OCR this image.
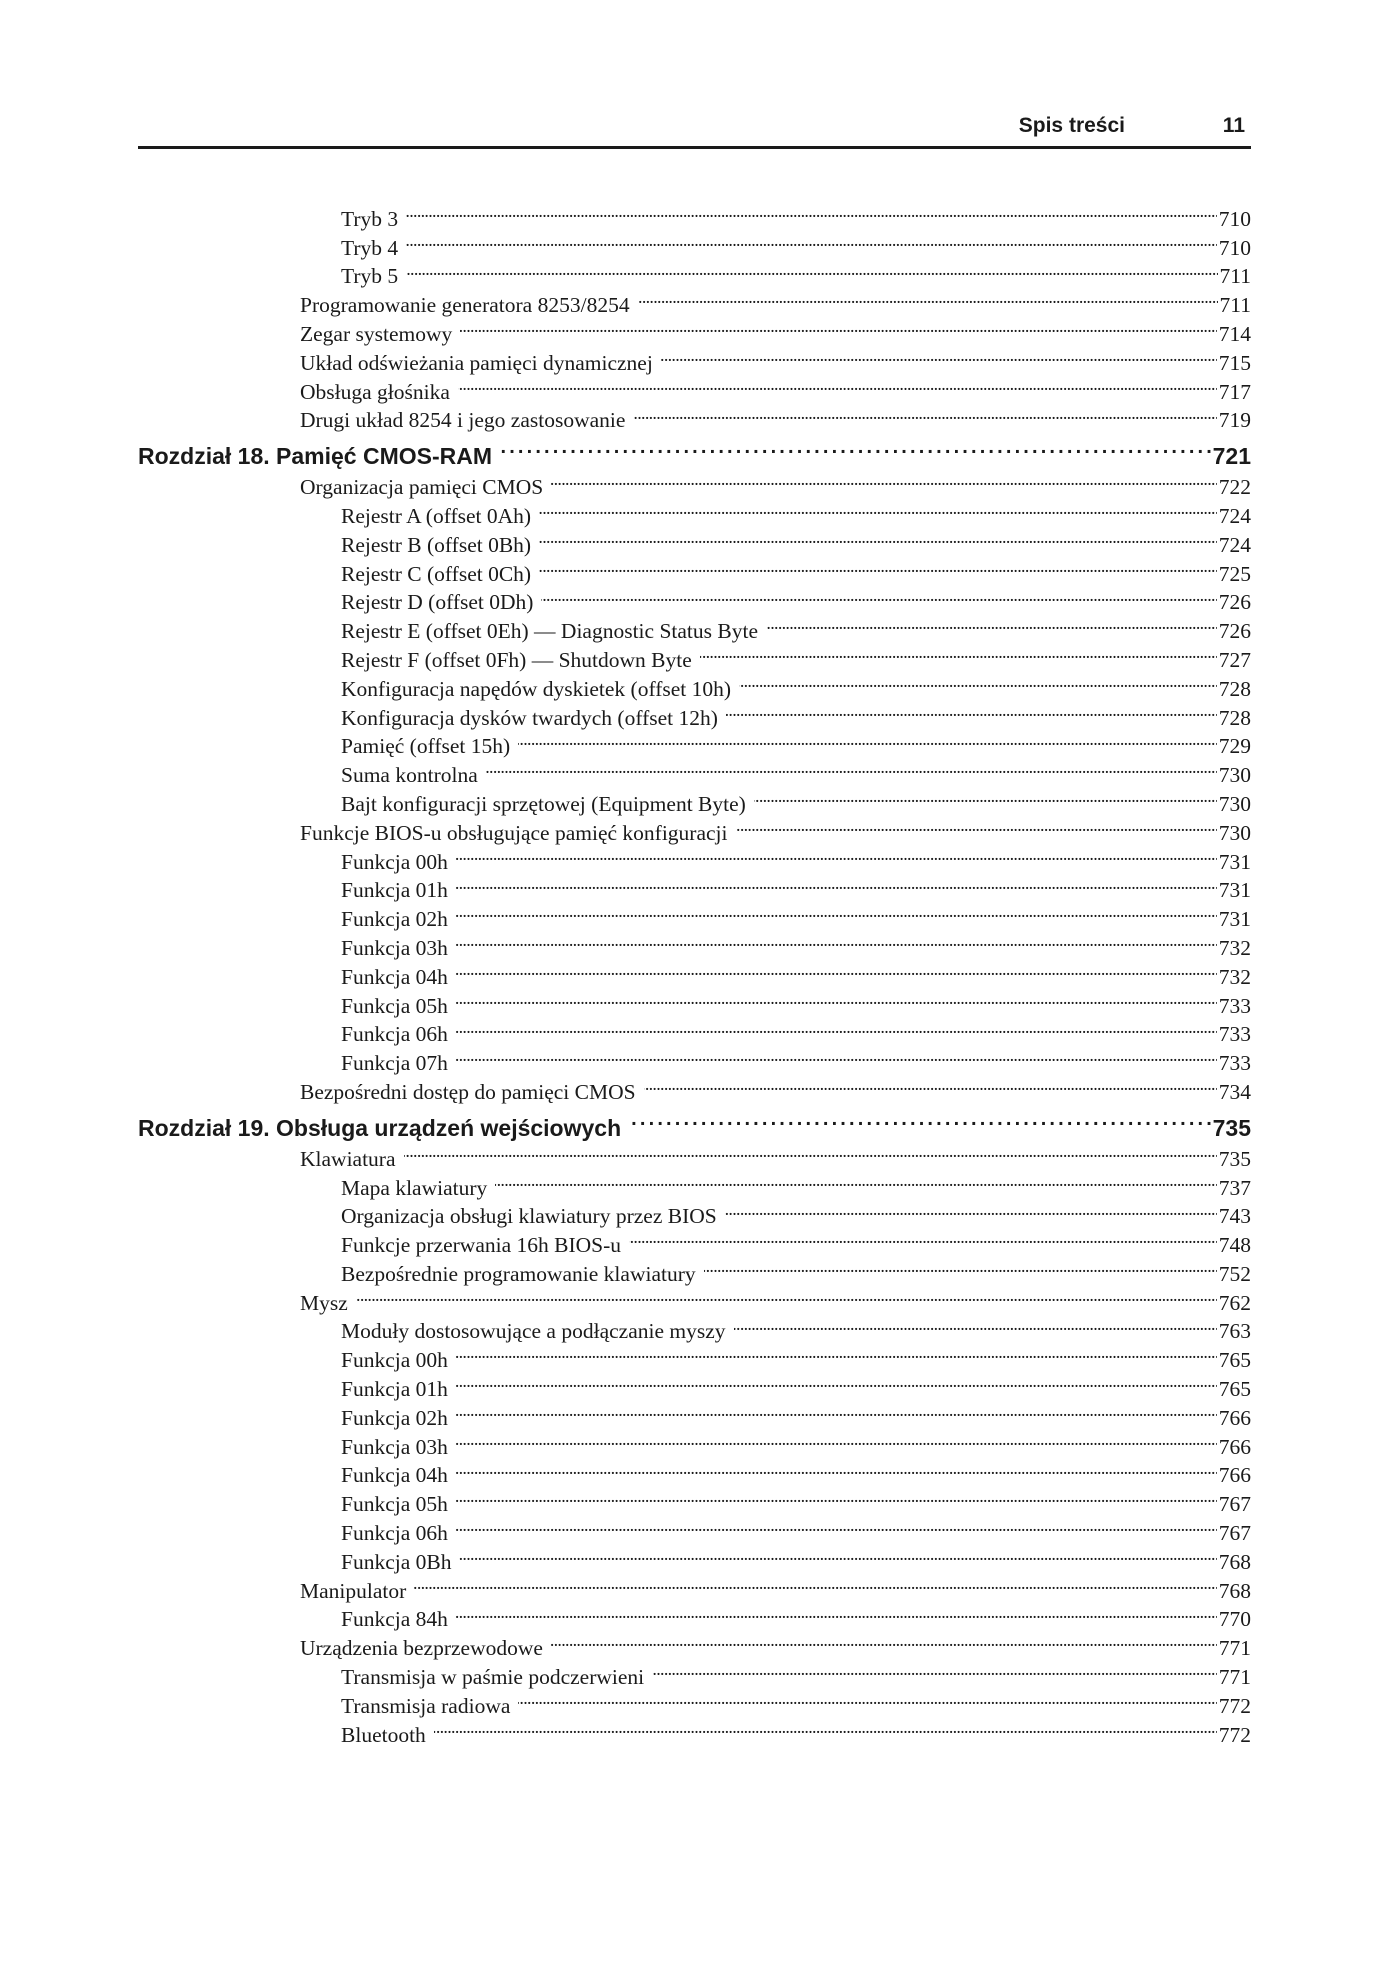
Spis treści	11
Tryb 3 . . .	710
Tryb 4 . . .	710
Tryb 5 . . .	711
Programowanie generatora 8253/8254 . . .	711
Zegar systemowy . . .	714
Układ odświeżania pamięci dynamicznej . . .	715
Obsługa głośnika . . .	717
Drugi układ 8254 i jego zastosowanie . . .	719
Rozdział 18. Pamięć CMOS-RAM . . .	721
Organizacja pamięci CMOS . . .	722
Rejestr A (offset 0Ah) . . .	724
Rejestr B (offset 0Bh) . . .	724
Rejestr C (offset 0Ch) . . .	725
Rejestr D (offset 0Dh) . . .	726
Rejestr E (offset 0Eh) — Diagnostic Status Byte . . .	726
Rejestr F (offset 0Fh) — Shutdown Byte . . .	727
Konfiguracja napędów dyskietek (offset 10h) . . .	728
Konfiguracja dysków twardych (offset 12h) . . .	728
Pamięć (offset 15h) . . .	729
Suma kontrolna . . .	730
Bajt konfiguracji sprzętowej (Equipment Byte) . . .	730
Funkcje BIOS-u obsługujące pamięć konfiguracji . . .	730
Funkcja 00h . . .	731
Funkcja 01h . . .	731
Funkcja 02h . . .	731
Funkcja 03h . . .	732
Funkcja 04h . . .	732
Funkcja 05h . . .	733
Funkcja 06h . . .	733
Funkcja 07h . . .	733
Bezpośredni dostęp do pamięci CMOS . . .	734
Rozdział 19. Obsługa urządzeń wejściowych . . .	735
Klawiatura . . .	735
Mapa klawiatury . . .	737
Organizacja obsługi klawiatury przez BIOS . . .	743
Funkcje przerwania 16h BIOS-u . . .	748
Bezpośrednie programowanie klawiatury . . .	752
Mysz . . .	762
Moduły dostosowujące a podłączanie myszy . . .	763
Funkcja 00h . . .	765
Funkcja 01h . . .	765
Funkcja 02h . . .	766
Funkcja 03h . . .	766
Funkcja 04h . . .	766
Funkcja 05h . . .	767
Funkcja 06h . . .	767
Funkcja 0Bh . . .	768
Manipulator . . .	768
Funkcja 84h . . .	770
Urządzenia bezprzewodowe . . .	771
Transmisja w paśmie podczerwieni . . .	771
Transmisja radiowa . . .	772
Bluetooth . . .	772
